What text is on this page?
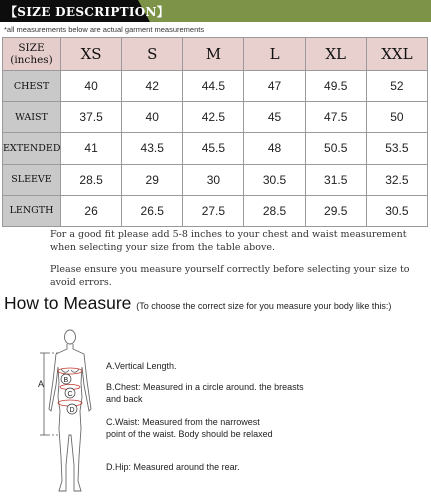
【SIZE DESCRIPTION】
*all measurements below are actual garment measurements
SIZE
(inches)	XS	S	M	L	XL	XXL
CHEST	40	42	44.5	47	49.5	52
WAIST	37.5	40	42.5	45	47.5	50
EXTENDED	41	43.5	45.5	48	50.5	53.5
SLEEVE	28.5	29	30	30.5	31.5	32.5
LENGTH	26	26.5	27.5	28.5	29.5	30.5
For a good fit please add 5-8 inches to your chest and waist measurement when selecting your size from the table above.
Please ensure you measure yourself correctly before selecting your size to avoid errors.
How to Measure (To choose the correct size for you measure your body like this:)
A	B
C
D
A.Vertical Length.
B.Chest: Measured in a circle around. the breasts and back
C.Waist: Measured from the narrowest point of the waist. Body should be relaxed
D.Hip: Measured around the rear.
